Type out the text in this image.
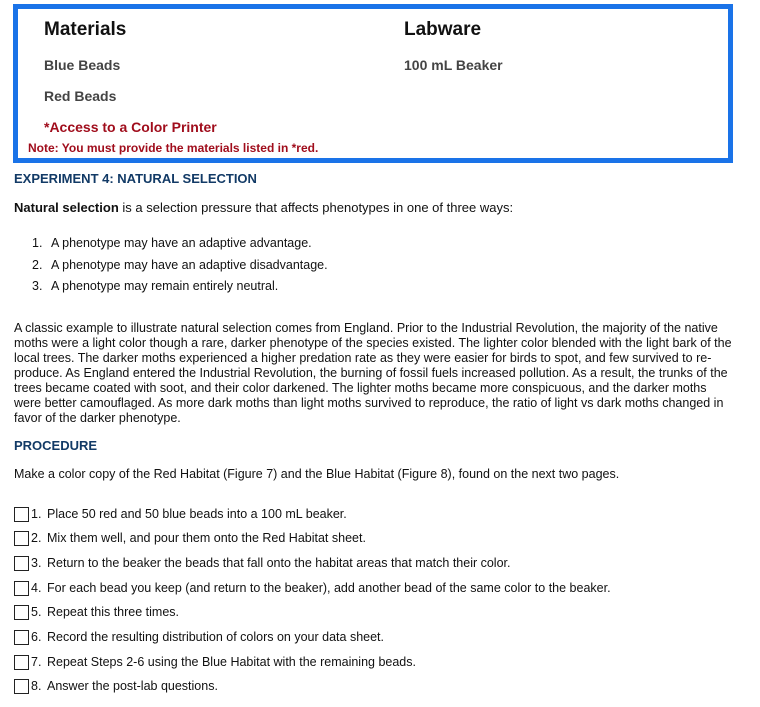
Materials	Labware
Blue Beads
Red Beads
*Access to a Color Printer
100 mL Beaker
Note: You must provide the materials listed in *red.
EXPERIMENT 4: NATURAL SELECTION
Natural selection is a selection pressure that affects phenotypes in one of three ways:
1. A phenotype may have an adaptive advantage.
2. A phenotype may have an adaptive disadvantage.
3. A phenotype may remain entirely neutral.
A classic example to illustrate natural selection comes from England. Prior to the Industrial Revolution, the majority of the native moths were a light color though a rare, darker phenotype of the species existed. The lighter color blended with the light bark of the local trees. The darker moths experienced a higher predation rate as they were easier for birds to spot, and few survived to re-produce. As England entered the Industrial Revolution, the burning of fossil fuels increased pollution. As a result, the trunks of the trees became coated with soot, and their color darkened. The lighter moths became more conspicuous, and the darker moths were better camouflaged. As more dark moths than light moths survived to reproduce, the ratio of light vs dark moths changed in favor of the darker phenotype.
PROCEDURE
Make a color copy of the Red Habitat (Figure 7) and the Blue Habitat (Figure 8), found on the next two pages.
1. Place 50 red and 50 blue beads into a 100 mL beaker.
2. Mix them well, and pour them onto the Red Habitat sheet.
3. Return to the beaker the beads that fall onto the habitat areas that match their color.
4. For each bead you keep (and return to the beaker), add another bead of the same color to the beaker.
5. Repeat this three times.
6. Record the resulting distribution of colors on your data sheet.
7. Repeat Steps 2-6 using the Blue Habitat with the remaining beads.
8. Answer the post-lab questions.
